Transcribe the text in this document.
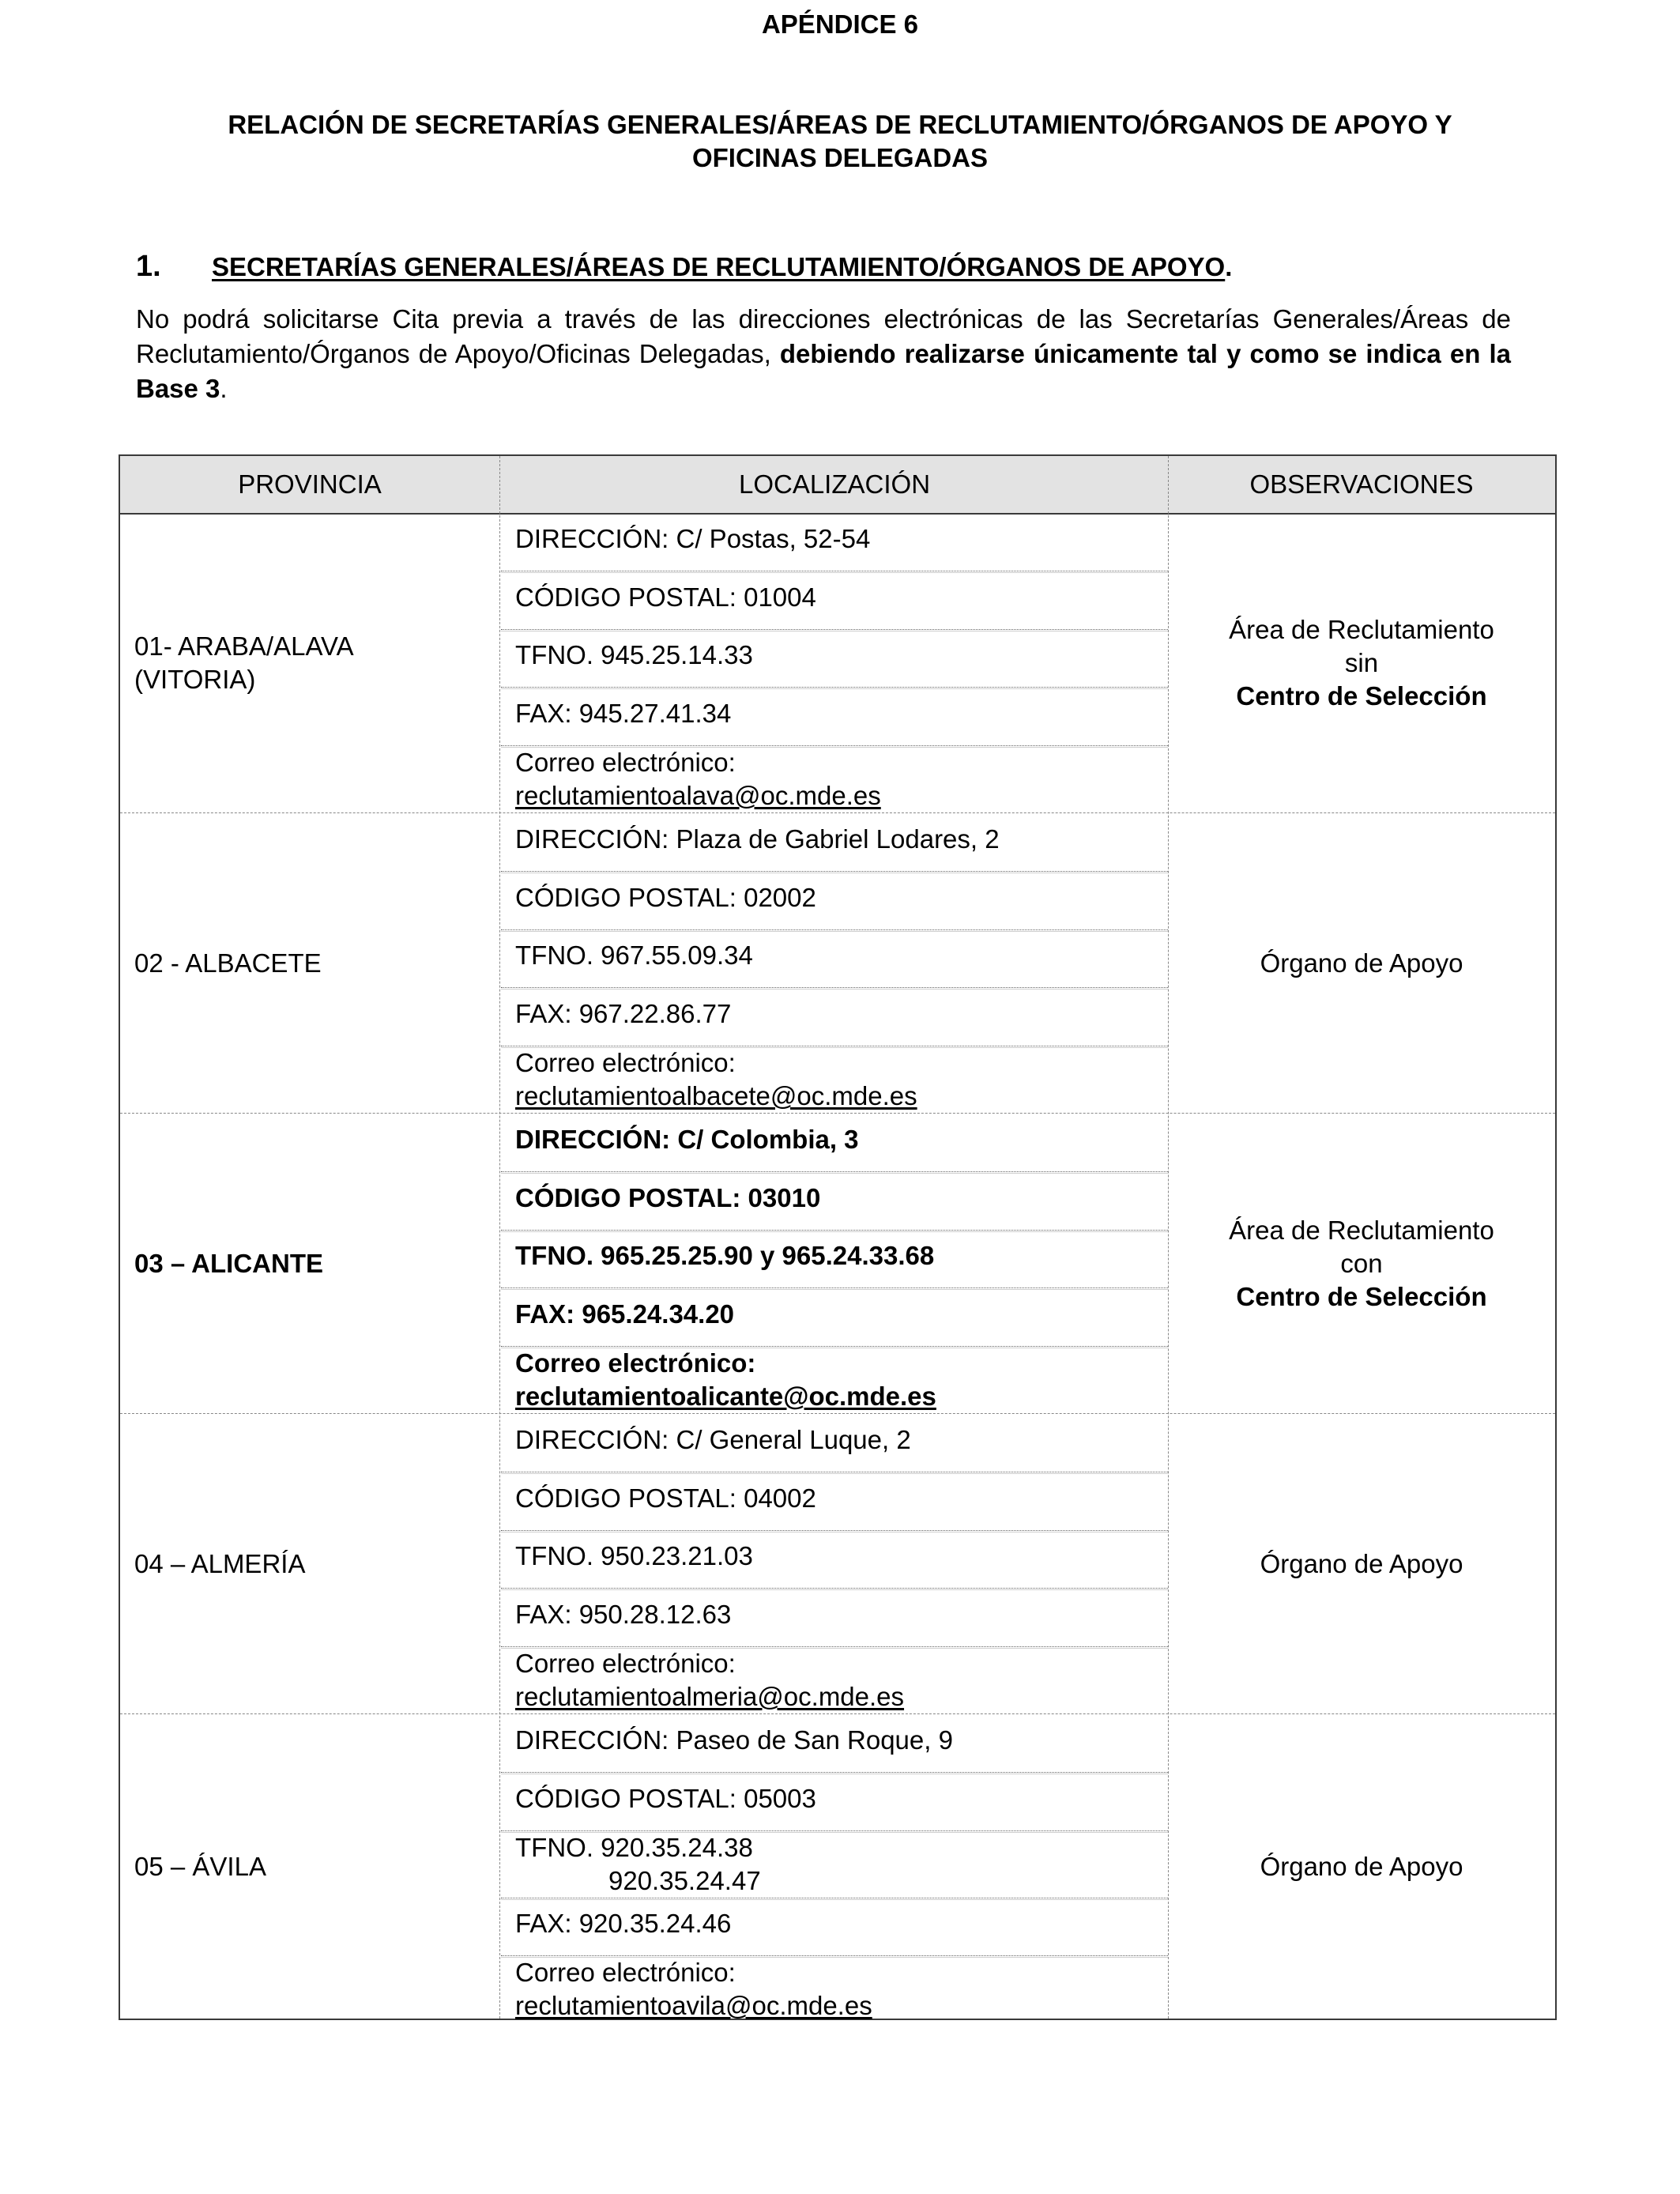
APÉNDICE 6
RELACIÓN DE SECRETARÍAS GENERALES/ÁREAS DE RECLUTAMIENTO/ÓRGANOS DE APOYO Y
OFICINAS DELEGADAS
1. SECRETARÍAS GENERALES/ÁREAS DE RECLUTAMIENTO/ÓRGANOS DE APOYO.
No podrá solicitarse Cita previa a través de las direcciones electrónicas de las Secretarías Generales/Áreas de Reclutamiento/Órganos de Apoyo/Oficinas Delegadas, debiendo realizarse únicamente tal y como se indica en la Base 3.
PROVINCIA	LOCALIZACIÓN	OBSERVACIONES
01- ARABA/ALAVA
(VITORIA)
DIRECCIÓN: C/ Postas, 52-54
CÓDIGO POSTAL: 01004
TFNO. 945.25.14.33
FAX: 945.27.41.34
Correo electrónico:
reclutamientoalava@oc.mde.es
Área de Reclutamiento
sin
Centro de Selección
02 - ALBACETE
DIRECCIÓN: Plaza de Gabriel Lodares, 2
CÓDIGO POSTAL: 02002
TFNO. 967.55.09.34
FAX: 967.22.86.77
Correo electrónico:
reclutamientoalbacete@oc.mde.es
Órgano de Apoyo
03 – ALICANTE
DIRECCIÓN: C/ Colombia, 3
CÓDIGO POSTAL: 03010
TFNO. 965.25.25.90 y 965.24.33.68
FAX: 965.24.34.20
Correo electrónico:
reclutamientoalicante@oc.mde.es
Área de Reclutamiento
con
Centro de Selección
04 – ALMERÍA
DIRECCIÓN: C/ General Luque, 2
CÓDIGO POSTAL: 04002
TFNO. 950.23.21.03
FAX: 950.28.12.63
Correo electrónico:
reclutamientoalmeria@oc.mde.es
Órgano de Apoyo
05 – ÁVILA
DIRECCIÓN: Paseo de San Roque, 9
CÓDIGO POSTAL: 05003
TFNO. 920.35.24.38
920.35.24.47
FAX: 920.35.24.46
Correo electrónico:
reclutamientoavila@oc.mde.es
Órgano de Apoyo
